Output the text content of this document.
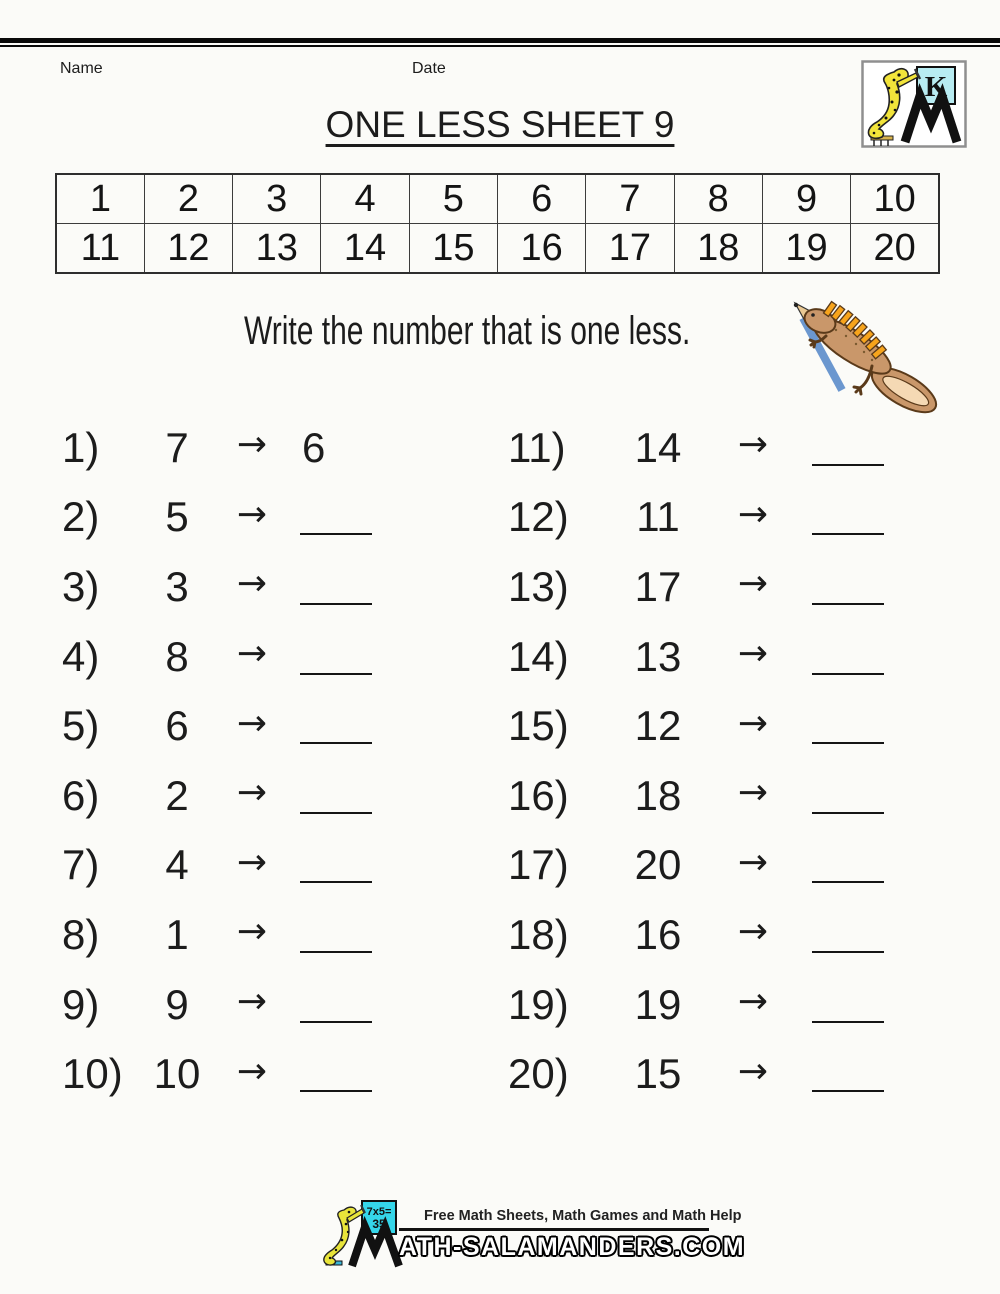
Name	Date
K
ONE LESS SHEET 9
1	2	3	4	5	6	7	8	9	10
11	12	13	14	15	16	17	18	19	20
Write the number that is one less.
1) 7 → 6
2) 5 →
3) 3 →
4) 8 →
5) 6 →
6) 2 →
7) 4 →
8) 1 →
9) 9 →
10) 10 →
11) 14 →
12) 11 →
13) 17 →
14) 13 →
15) 12 →
16) 18 →
17) 20 →
18) 16 →
19) 19 →
20) 15 →
7x5=
35	Free Math Sheets, Math Games and Math Help
ATH-SALAMANDERS.COM
